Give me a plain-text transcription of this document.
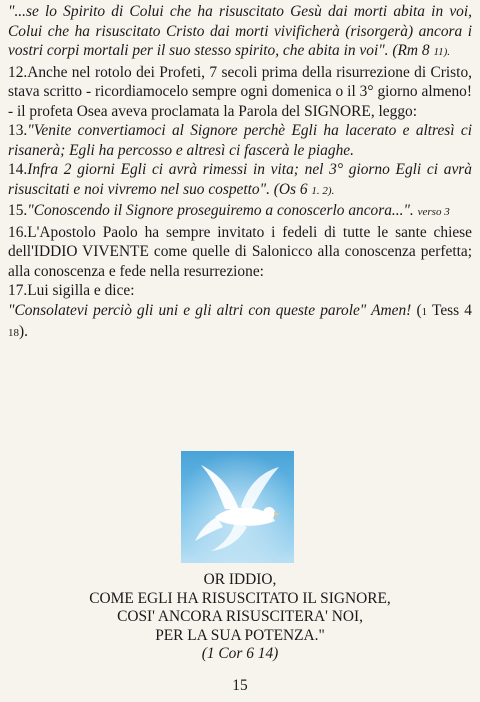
"...se lo Spirito di Colui che ha risuscitato Gesù dai morti abita in voi, Colui che ha risuscitato Cristo dai morti vivificherà (risorgerà) ancora i vostri corpi mortali per il suo stesso spirito, che abita in voi". (Rm 8 11).

12.Anche nel rotolo dei Profeti, 7 secoli prima della risurrezione di Cristo, stava scritto - ricordiamocelo sempre ogni domenica o il 3° giorno almeno! - il profeta Osea aveva proclamata la Parola del SIGNORE, leggo:

13."Venite convertiamoci al Signore perchè Egli ha lacerato e altresì ci risanerà; Egli ha percosso e altresì ci fascerà le piaghe.

14.Infra 2 giorni Egli ci avrà rimessi in vita; nel 3° giorno Egli ci avrà risuscitati e noi vivremo nel suo cospetto". (Os 6 1. 2).

15."Conoscendo il Signore proseguiremo a conoscerlo ancora...". verso 3

16.L'Apostolo Paolo ha sempre invitato i fedeli di tutte le sante chiese dell'IDDIO VIVENTE come quelle di Salonicco alla conoscenza perfetta; alla conoscenza e fede nella resurrezione:

17.Lui sigilla e dice:

"Consolatevi perciò gli uni e gli altri con queste parole" Amen! (1 Tess 4 18).

OR IDDIO,
COME EGLI HA RISUSCITATO IL SIGNORE,
COSI' ANCORA RISUSCITERA' NOI,
PER LA SUA POTENZA."
(1 Cor 6 14)
15
